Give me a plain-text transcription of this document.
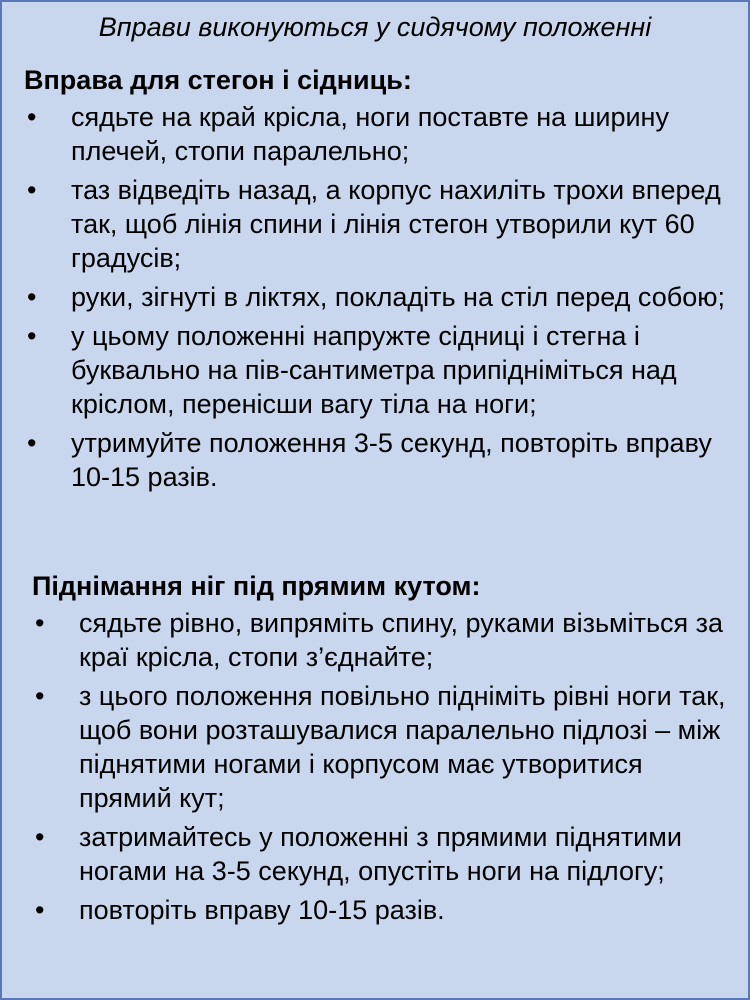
Вправи виконуються у сидячому положенні
Вправа для стегон і сідниць:
• сядьте на край крісла, ноги поставте на ширину плечей, стопи паралельно;
• таз відведіть назад, а корпус нахиліть трохи вперед так, щоб лінія спини і лінія стегон утворили кут 60 градусів;
• руки, зігнуті в ліктях, покладіть на стіл перед собою;
• у цьому положенні напружте сідниці і стегна і буквально на пів-сантиметра припідніміться над кріслом, перенісши вагу тіла на ноги;
• утримуйте положення 3-5 секунд, повторіть вправу 10-15 разів.
Піднімання ніг під прямим кутом:
• сядьте рівно, випряміть спину, руками візьміться за краї крісла, стопи з’єднайте;
• з цього положення повільно підніміть рівні ноги так, щоб вони розташувалися паралельно підлозі – між піднятими ногами і корпусом має утворитися прямий кут;
• затримайтесь у положенні з прямими піднятими ногами на 3-5 секунд, опустіть ноги на підлогу;
• повторіть вправу 10-15 разів.
